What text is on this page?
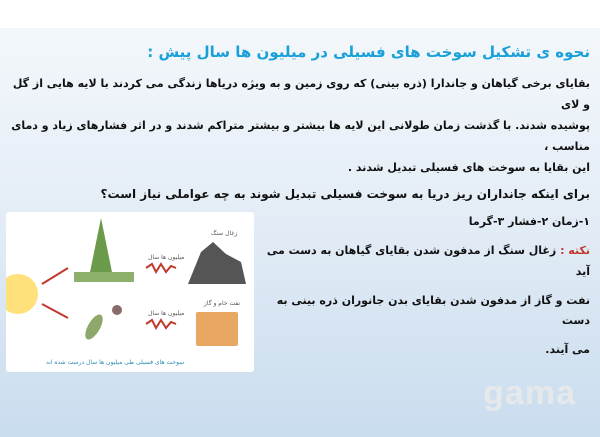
نحوه ی تشکیل سوخت های فسیلی در میلیون ها سال پیش :
بقایای برخی گیاهان و جاندارا (ذره بینی) که روی زمین و به ویژه دریاها زندگی می کردند با لایه هایی از گل و لای
پوشیده شدند. با گذشت زمان طولانی این لایه ها بیشتر و بیشتر متراکم شدند و در اثر فشارهای زیاد و دمای مناسب ،
این بقایا به سوخت های فسیلی تبدیل شدند .
برای اینکه جانداران ریز دریا به سوخت فسیلی تبدیل شوند به چه عواملی نیاز است؟
زغال سنگ
میلیون ها سال
میلیون ها سال
نفت خام و گاز
سوخت های فسیلی طی میلیون ها سال درست شده اند
۱-زمان ۲-فشار ۳-گرما
نکته : زغال سنگ از مدفون شدن بقایای گیاهان به دست می آید
نفت و گاز از مدفون شدن بقایای بدن جانوران ذره بینی به دست
می آیند.
gama
